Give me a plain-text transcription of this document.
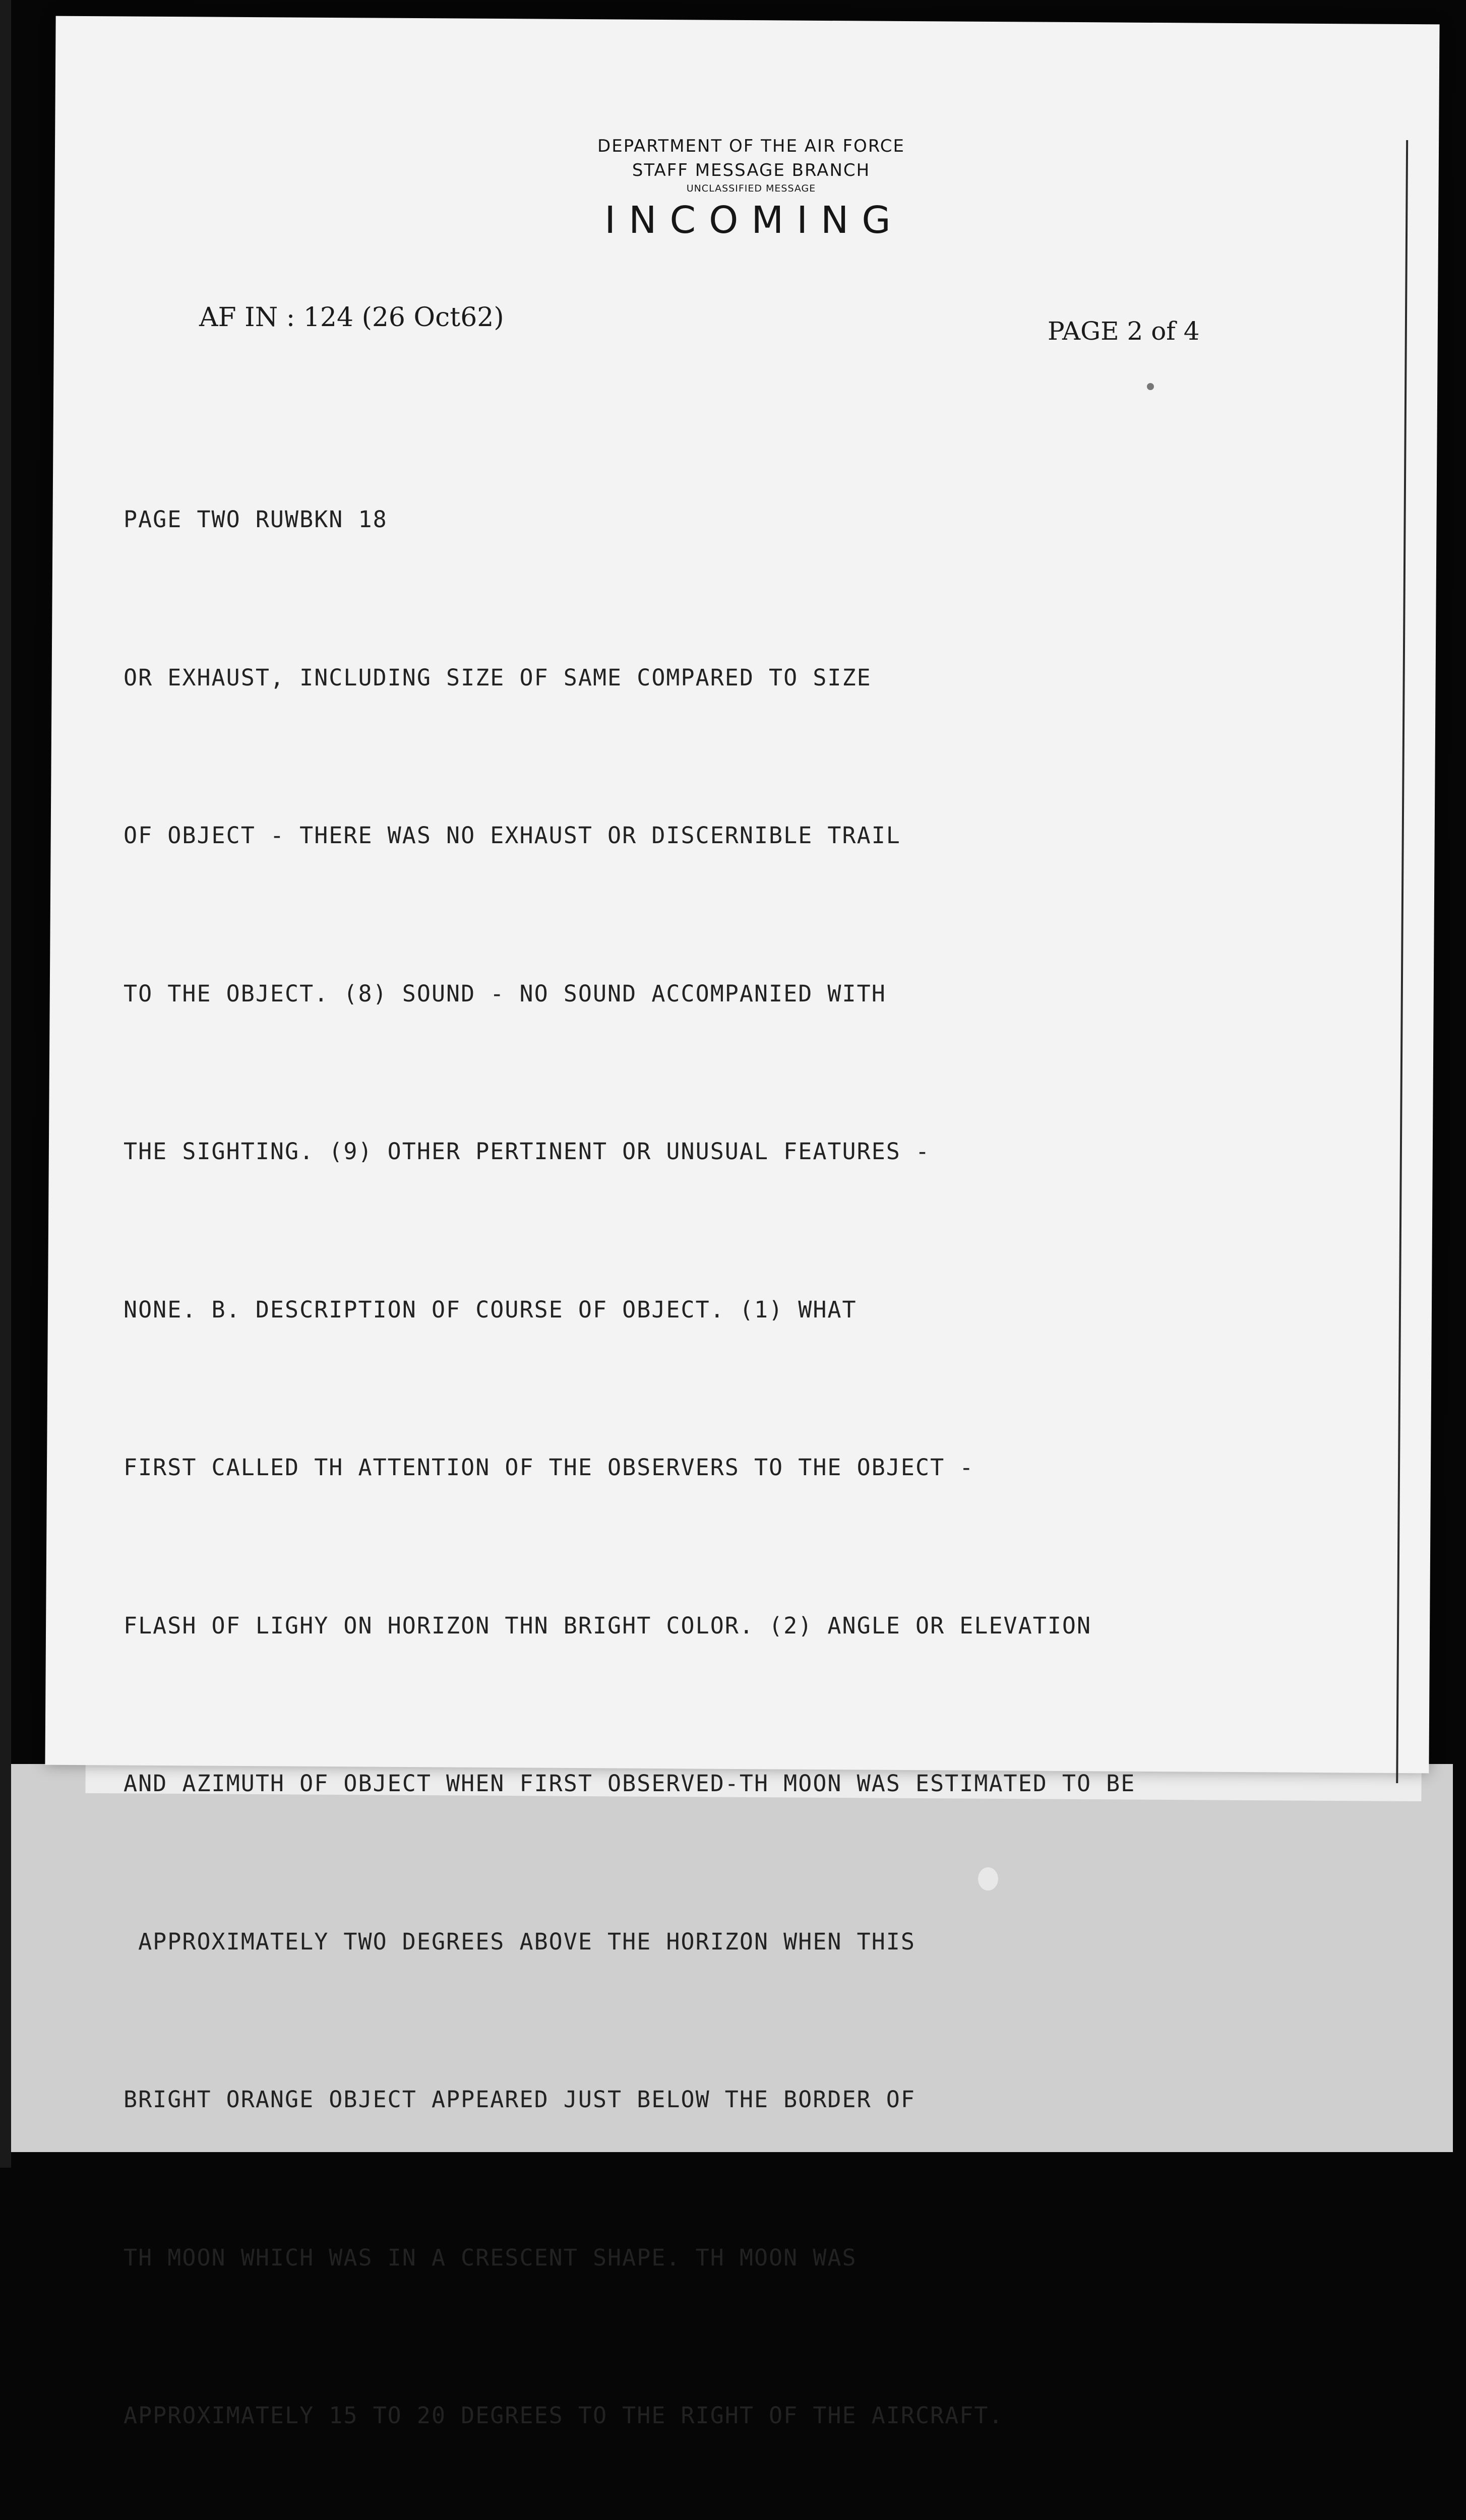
DEPARTMENT OF THE AIR FORCE
STAFF MESSAGE BRANCH
UNCLASSIFIED MESSAGE
INCOMING
AF IN : 124 (26 Oct62)	PAGE 2 of 4

PAGE TWO RUWBKN 18

OR EXHAUST, INCLUDING SIZE OF SAME COMPARED TO SIZE

OF OBJECT - THERE WAS NO EXHAUST OR DISCERNIBLE TRAIL

TO THE OBJECT. (8) SOUND - NO SOUND ACCOMPANIED WITH

THE SIGHTING. (9) OTHER PERTINENT OR UNUSUAL FEATURES -

NONE. B. DESCRIPTION OF COURSE OF OBJECT. (1) WHAT

FIRST CALLED TH ATTENTION OF THE OBSERVERS TO THE OBJECT -

FLASH OF LIGHY ON HORIZON THN BRIGHT COLOR. (2) ANGLE OR ELEVATION

AND AZIMUTH OF OBJECT WHEN FIRST OBSERVED-TH MOON WAS ESTIMATED TO BE

APPROXIMATELY TWO DEGREES ABOVE THE HORIZON WHEN THIS

BRIGHT ORANGE OBJECT APPEARED JUST BELOW THE BORDER OF

TH MOON WHICH WAS IN A CRESCENT SHAPE. TH MOON WAS

APPROXIMATELY 15 TO 20 DEGREES TO THE RIGHT OF THE AIRCRAFT.
